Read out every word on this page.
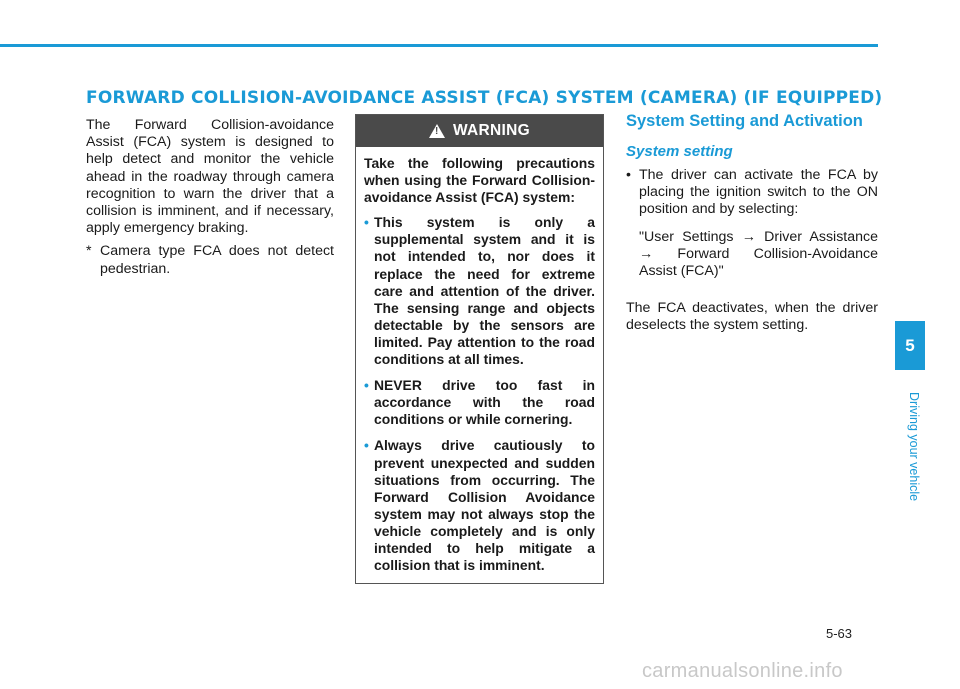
FORWARD COLLISION-AVOIDANCE ASSIST (FCA) SYSTEM (CAMERA) (IF EQUIPPED)

The Forward Collision-avoidance Assist (FCA) system is designed to help detect and monitor the vehicle ahead in the roadway through camera recognition to warn the driver that a collision is imminent, and if necessary, apply emergency braking.

* Camera type FCA does not detect pedestrian.
!
WARNING

Take the following precautions when using the Forward Collision-avoidance Assist (FCA) system:

• This system is only a supplemental system and it is not intended to, nor does it replace the need for extreme care and attention of the driver. The sensing range and objects detectable by the sensors are limited. Pay attention to the road conditions at all times.
• NEVER drive too fast in accordance with the road conditions or while cornering.
• Always drive cautiously to prevent unexpected and sudden situations from occurring. The Forward Collision Avoidance system may not always stop the vehicle completely and is only intended to help mitigate a collision that is imminent.
System Setting and Activation
System setting
• The driver can activate the FCA by placing the ignition switch to the ON position and by selecting:
"User Settings → Driver Assistance → Forward Collision-Avoidance Assist (FCA)"
The FCA deactivates, when the driver deselects the system setting.
5
Driving your vehicle
5-63
carmanualsonline.info
